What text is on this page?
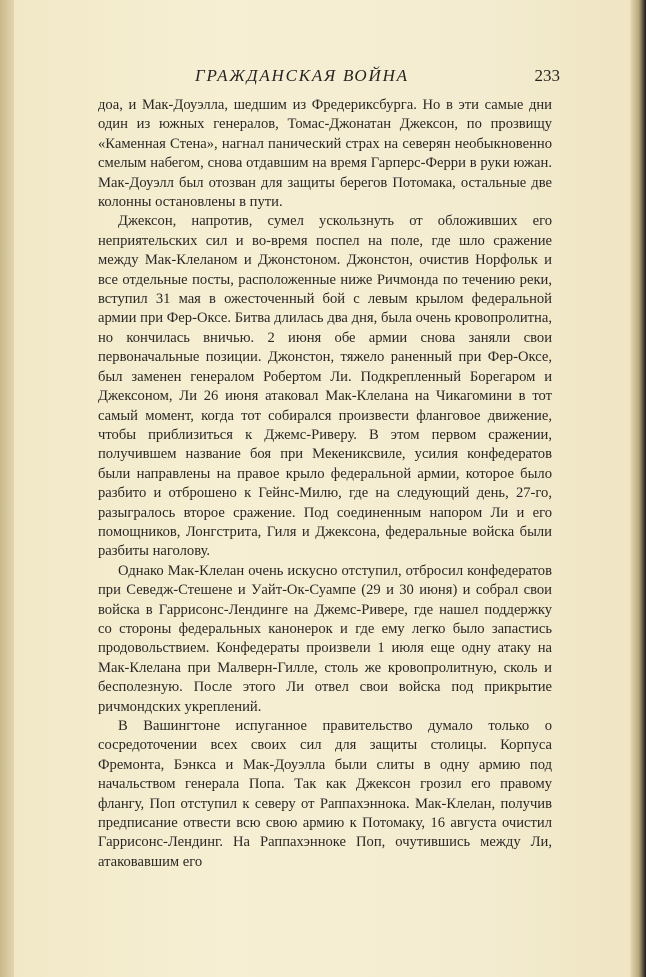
ГРАЖДАНСКАЯ ВОЙНА	233

доа, и Мак-Доуэлла, шедшим из Фредериксбурга. Но в эти самые дни один из южных генералов, Томас-Джонатан Джексон, по прозвищу «Каменная Стена», нагнал панический страх на северян необыкновенно смелым набегом, снова отдавшим на время Гарперс-Ферри в руки южан. Мак-Доуэлл был отозван для защиты берегов Потомака, остальные две колонны остановлены в пути.

Джексон, напротив, сумел ускользнуть от обложивших его неприятельских сил и во-время поспел на поле, где шло сражение между Мак-Клеланом и Джонстоном. Джонстон, очистив Норфольк и все отдельные посты, расположенные ниже Ричмонда по течению реки, вступил 31 мая в ожесточенный бой с левым крылом федеральной армии при Фер-Оксе. Битва длилась два дня, была очень кровопролитна, но кончилась вничью. 2 июня обе армии снова заняли свои первоначальные позиции. Джонстон, тяжело раненный при Фер-Оксе, был заменен генералом Робертом Ли. Подкрепленный Борегаром и Джексоном, Ли 26 июня атаковал Мак-Клелана на Чикагомини в тот самый момент, когда тот собирался произвести фланговое движение, чтобы приблизиться к Джемс-Риверу. В этом первом сражении, получившем название боя при Мекениксвиле, усилия конфедератов были направлены на правое крыло федеральной армии, которое было разбито и отброшено к Гейнс-Милю, где на следующий день, 27-го, разыгралось второе сражение. Под соединенным напором Ли и его помощников, Лонгстрита, Гиля и Джексона, федеральные войска были разбиты наголову.

Однако Мак-Клелан очень искусно отступил, отбросил конфедератов при Севедж-Стешене и Уайт-Ок-Суампе (29 и 30 июня) и собрал свои войска в Гаррисонс-Лендинге на Джемс-Ривере, где нашел поддержку со стороны федеральных канонерок и где ему легко было запастись продовольствием. Конфедераты произвели 1 июля еще одну атаку на Мак-Клелана при Малверн-Гилле, столь же кровопролитную, сколь и бесполезную. После этого Ли отвел свои войска под прикрытие ричмондских укреплений.

В Вашингтоне испуганное правительство думало только о сосредоточении всех своих сил для защиты столицы. Корпуса Фремонта, Бэнкса и Мак-Доуэлла были слиты в одну армию под начальством генерала Попа. Так как Джексон грозил его правому флангу, Поп отступил к северу от Раппахэннока. Мак-Клелан, получив предписание отвести всю свою армию к Потомаку, 16 августа очистил Гаррисонс-Лендинг. На Раппахэнноке Поп, очутившись между Ли, атаковавшим его
